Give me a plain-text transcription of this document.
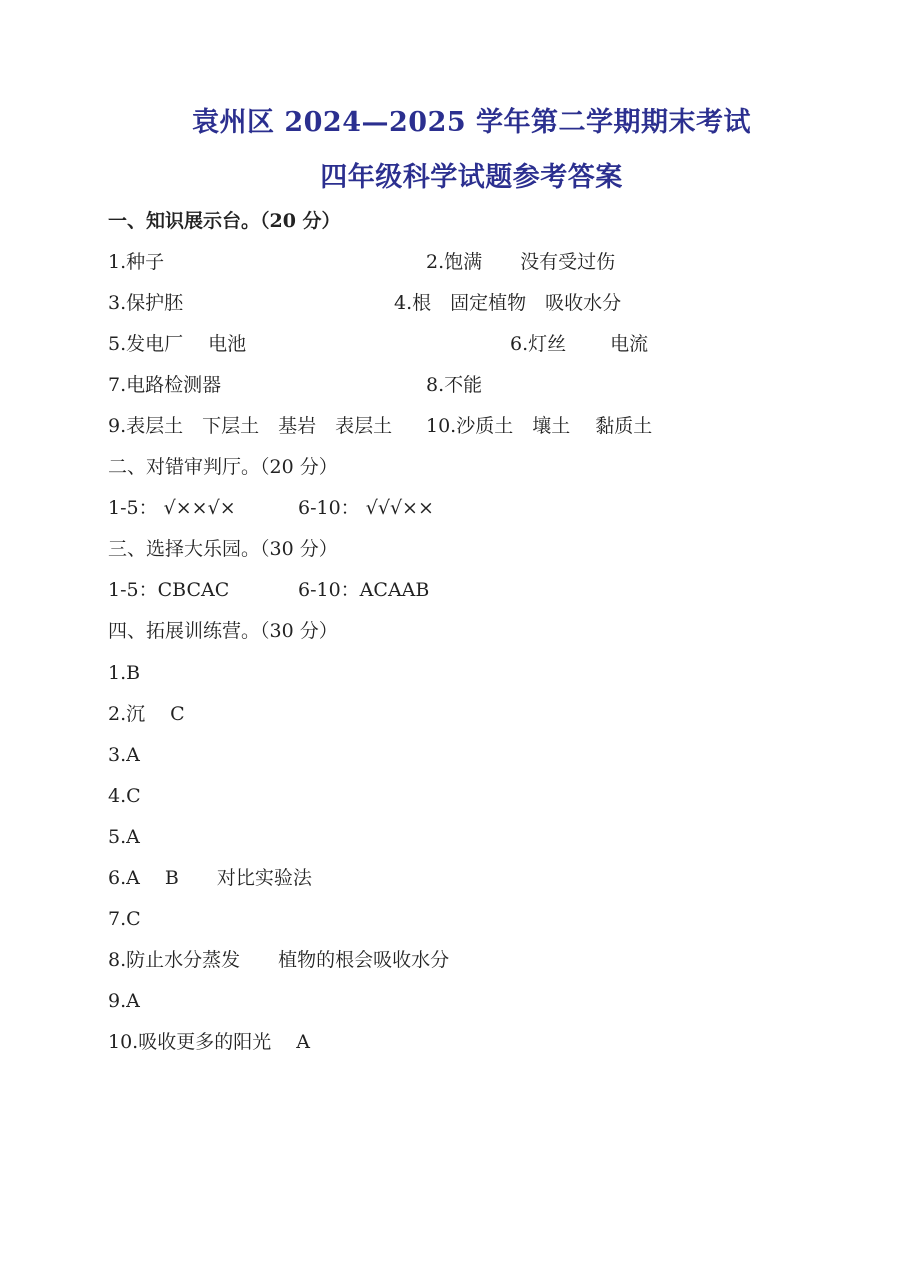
袁州区 2024—2025 学年第二学期期末考试
四年级科学试题参考答案
一、知识展示台。（20 分）
1.种子	2.饱满　　没有受过伤
3.保护胚	4.根　固定植物　吸收水分
5.发电厂　 电池	6.灯丝　　 电流
7.电路检测器	8.不能
9.表层土　下层土　基岩　表层土 10.沙质土　壤土　 黏质土
二、对错审判厅。（20 分）
1-5： √××√×	6-10： √√√××
三、选择大乐园。（30 分）
1-5：CBCAC	6-10：ACAAB
四、拓展训练营。（30 分）
1.B
2.沉　 C
3.A
4.C
5.A
6.A　 B　　对比实验法
7.C
8.防止水分蒸发　　植物的根会吸收水分
9.A
10.吸收更多的阳光　 A
